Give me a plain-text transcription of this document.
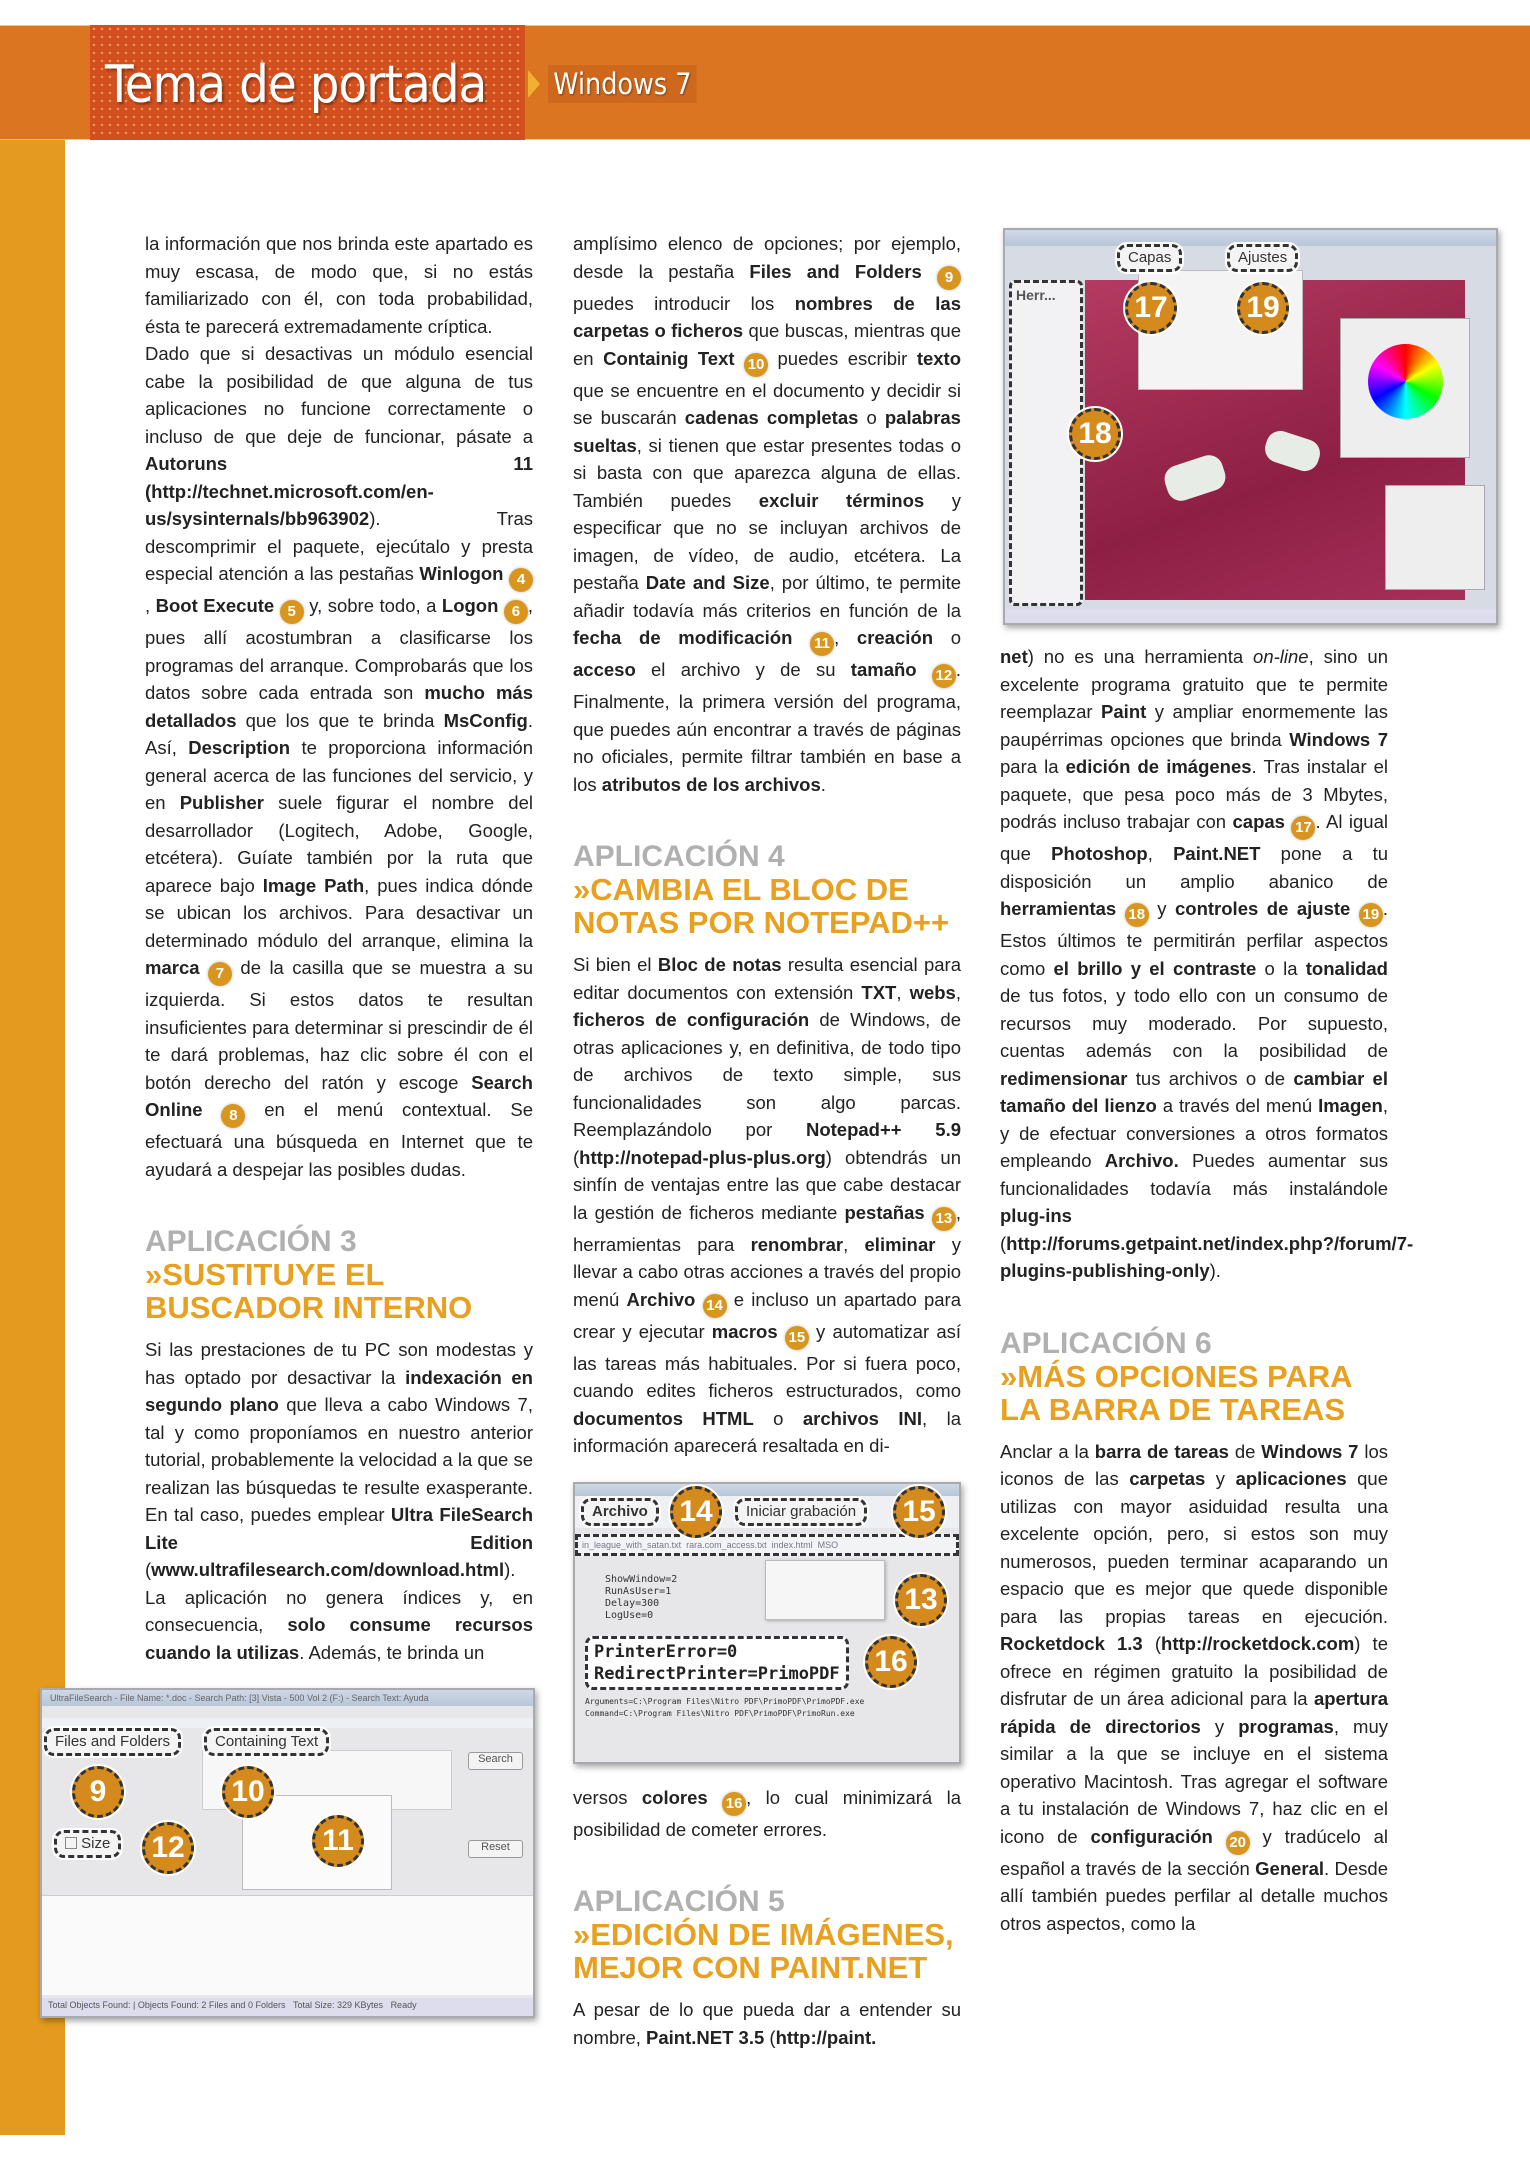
Tema de portada Windows 7

la información que nos brinda este apartado es muy escasa, de modo que, si no estás familiarizado con él, con toda probabilidad, ésta te parecerá extremadamente críptica.

Dado que si desactivas un módulo esencial cabe la posibilidad de que alguna de tus aplicaciones no funcione correctamente o incluso de que deje de funcionar, pásate a Autoruns 11 (http://technet.microsoft.com/en-us/sysinternals/bb963902). Tras descomprimir el paquete, ejecútalo y presta especial atención a las pestañas Winlogon 4, Boot Execute 5 y, sobre todo, a Logon 6 , pues allí acostumbran a clasificarse los programas del arranque. Comprobarás que los datos sobre cada entrada son mucho más detallados que los que te brinda MsConfig. Así, Description te proporciona información general acerca de las funciones del servicio, y en Publisher suele figurar el nombre del desarrollador (Logitech, Adobe, Google, etcétera). Guíate también por la ruta que aparece bajo Image Path, pues indica dónde se ubican los archivos. Para desactivar un determinado módulo del arranque, elimina la marca 7 de la casilla que se muestra a su izquierda. Si estos datos te resultan insuficientes para determinar si prescindir de él te dará problemas, haz clic sobre él con el botón derecho del ratón y escoge Search Online 8 en el menú contextual. Se efectuará una búsqueda en Internet que te ayudará a despejar las posibles dudas.

APLICACIÓN 3
»SUSTITUYE EL BUSCADOR INTERNO

Si las prestaciones de tu PC son modestas y has optado por desactivar la indexación en segundo plano que lleva a cabo Windows 7, tal y como proponíamos en nuestro anterior tutorial, probablemente la velocidad a la que se realizan las búsquedas te resulte exasperante. En tal caso, puedes emplear Ultra FileSearch Lite Edition (www.ultrafilesearch.com/download.html). La aplicación no genera índices y, en consecuencia, solo consume recursos cuando la utilizas. Además, te brinda un

UltraFileSearch - File Name: *.doc - Search Path: [3] Vista - 500 Vol 2 (F:) - Search Text: Ayuda
Search
Reset
Total Objects Found: | Objects Found: 2 Files and 0 Folders Total Size: 329 KBytes Ready
Files and Folders	Containing Text
Size
9	10
11
12

amplísimo elenco de opciones; por ejemplo, desde la pestaña Files and Folders 9 puedes introducir los nombres de las carpetas o ficheros que buscas, mientras que en Containig Text 10 puedes escribir texto que se encuentre en el documento y decidir si se buscarán cadenas completas o palabras sueltas, si tienen que estar presentes todas o si basta con que aparezca alguna de ellas. También puedes excluir términos y especificar que no se incluyan archivos de imagen, de vídeo, de audio, etcétera. La pestaña Date and Size, por último, te permite añadir todavía más criterios en función de la fecha de modificación 11 , creación o acceso el archivo y de su tamaño 12 . Finalmente, la primera versión del programa, que puedes aún encontrar a través de páginas no oficiales, permite filtrar también en base a los atributos de los archivos.

APLICACIÓN 4
»CAMBIA EL BLOC DE NOTAS POR NOTEPAD++

Si bien el Bloc de notas resulta esencial para editar documentos con extensión TXT, webs, ficheros de configuración de Windows, de otras aplicaciones y, en definitiva, de todo tipo de archivos de texto simple, sus funcionalidades son algo parcas. Reemplazándolo por Notepad++ 5.9 (http://notepad-plus-plus.org) obtendrás un sinfín de ventajas entre las que cabe destacar la gestión de ficheros mediante pestañas 13 , herramientas para renombrar, eliminar y llevar a cabo otras acciones a través del propio menú Archivo 14 e incluso un apartado para crear y ejecutar macros 15 y automatizar así las tareas más habituales. Por si fuera poco, cuando edites ficheros estructurados, como documentos HTML o archivos INI, la información aparecerá resaltada en di-

in_league_with_satan.txt rara.com_access.txt index.html MSO
ShowWindow=2
RunAsUser=1
Delay=300
LogUse=0
PrinterError=0
RedirectPrinter=PrimoPDF
Arguments=C:\Program Files\Nitro PDF\PrimoPDF\PrimoPDF.exe
Command=C:\Program Files\Nitro PDF\PrimoPDF\PrimoRun.exe
Archivo	Iniciar grabación
14	15
13
16

versos colores 16 , lo cual minimizará la posibilidad de cometer errores.

APLICACIÓN 5
»EDICIÓN DE IMÁGENES, MEJOR CON PAINT.NET

A pesar de lo que pueda dar a entender su nombre, Paint.NET 3.5 (http://paint.

Herr...
Capas	Ajustes
17	19
18

net) no es una herramienta on-line, sino un excelente programa gratuito que te permite reemplazar Paint y ampliar enormemente las paupérrimas opciones que brinda Windows 7 para la edición de imágenes. Tras instalar el paquete, que pesa poco más de 3 Mbytes, podrás incluso trabajar con capas 17 . Al igual que Photoshop, Paint.NET pone a tu disposición un amplio abanico de herramientas 18 y controles de ajuste 19 . Estos últimos te permitirán perfilar aspectos como el brillo y el contraste o la tonalidad de tus fotos, y todo ello con un consumo de recursos muy moderado. Por supuesto, cuentas además con la posibilidad de redimensionar tus archivos o de cambiar el tamaño del lienzo a través del menú Imagen, y de efectuar conversiones a otros formatos empleando Archivo. Puedes aumentar sus funcionalidades todavía más instalándole plug-ins (http://forums.getpaint.net/index.php?/forum/7-plugins-publishing-only).

APLICACIÓN 6
»MÁS OPCIONES PARA LA BARRA DE TAREAS

Anclar a la barra de tareas de Windows 7 los iconos de las carpetas y aplicaciones que utilizas con mayor asiduidad resulta una excelente opción, pero, si estos son muy numerosos, pueden terminar acaparando un espacio que es mejor que quede disponible para las propias tareas en ejecución. Rocketdock 1.3 (http://rocketdock.com) te ofrece en régimen gratuito la posibilidad de disfrutar de un área adicional para la apertura rápida de directorios y programas, muy similar a la que se incluye en el sistema operativo Macintosh. Tras agregar el software a tu instalación de Windows 7, haz clic en el icono de configuración 20 y tradúcelo al español a través de la sección General. Desde allí también puedes perfilar al detalle muchos otros aspectos, como la
